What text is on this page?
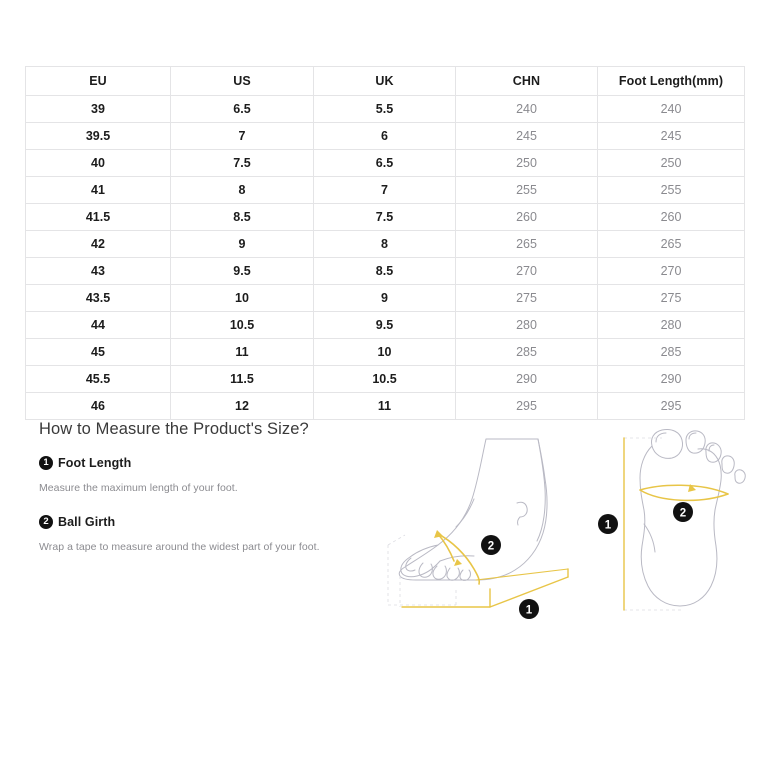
EU	US	UK	CHN	Foot Length(mm)
39	6.5	5.5	240	240
39.5	7	6	245	245
40	7.5	6.5	250	250
41	8	7	255	255
41.5	8.5	7.5	260	260
42	9	8	265	265
43	9.5	8.5	270	270
43.5	10	9	275	275
44	10.5	9.5	280	280
45	11	10	285	285
45.5	11.5	10.5	290	290
46	12	11	295	295
How to Measure the Product's Size?
1 Foot Length
Measure the maximum length of your foot.
2 Ball Girth
Wrap a tape to measure around the widest part of your foot.
1
2
1
2
